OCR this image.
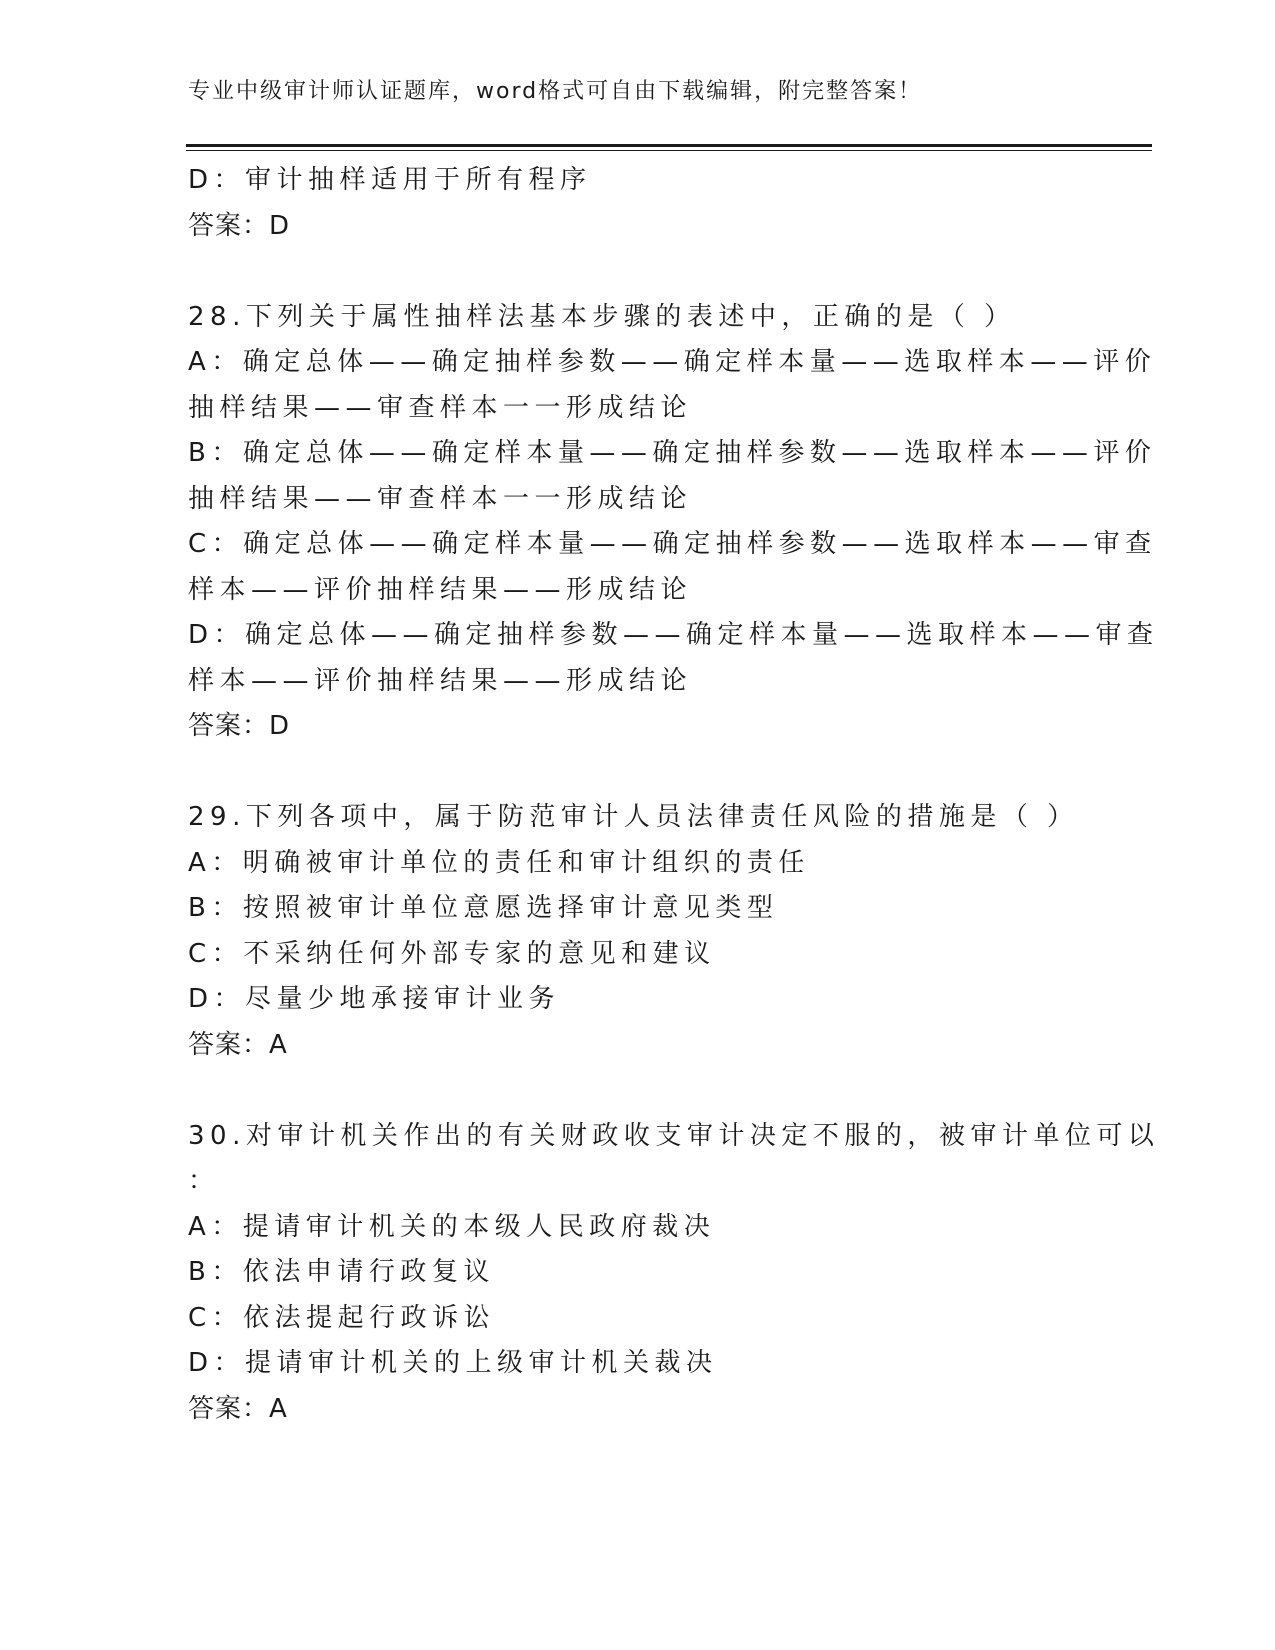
专业中级审计师认证题库，word格式可自由下载编辑，附完整答案！
D：审计抽样适用于所有程序
答案：D
28.下列关于属性抽样法基本步骤的表述中，正确的是（ ）
A：确定总体——确定抽样参数——确定样本量——选取样本——评价
抽样结果——审查样本一一形成结论
B：确定总体——确定样本量——确定抽样参数——选取样本——评价
抽样结果——审查样本一一形成结论
C：确定总体——确定样本量——确定抽样参数——选取样本——审查
样本——评价抽样结果——形成结论
D：确定总体——确定抽样参数——确定样本量——选取样本——审查
样本——评价抽样结果——形成结论
答案：D
29.下列各项中，属于防范审计人员法律责任风险的措施是（ ）
A：明确被审计单位的责任和审计组织的责任
B：按照被审计单位意愿选择审计意见类型
C：不采纳任何外部专家的意见和建议
D：尽量少地承接审计业务
答案：A
30.对审计机关作出的有关财政收支审计决定不服的，被审计单位可以
：
A：提请审计机关的本级人民政府裁决
B：依法申请行政复议
C：依法提起行政诉讼
D：提请审计机关的上级审计机关裁决
答案：A
